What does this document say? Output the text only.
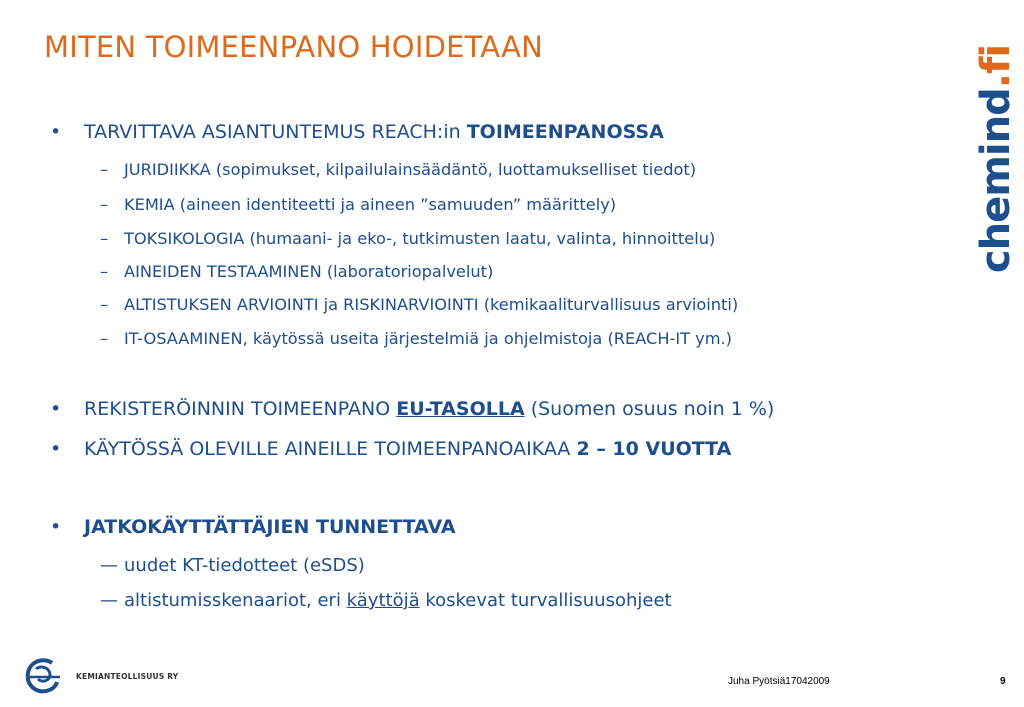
MITEN TOIMEENPANO HOIDETAAN
chemind.fi
•	TARVITTAVA ASIANTUNTEMUS REACH:in TOIMEENPANOSSA
– JURIDIIKKA (sopimukset, kilpailulainsäädäntö, luottamukselliset tiedot)
– KEMIA (aineen identiteetti ja aineen ”samuuden” määrittely)
– TOKSIKOLOGIA (humaani- ja eko-, tutkimusten laatu, valinta, hinnoittelu)
– AINEIDEN TESTAAMINEN (laboratoriopalvelut)
– ALTISTUKSEN ARVIOINTI ja RISKINARVIOINTI (kemikaaliturvallisuus arviointi)
– IT-OSAAMINEN, käytössä useita järjestelmiä ja ohjelmistoja (REACH-IT ym.)
•	REKISTERÖINNIN TOIMEENPANO EU-TASOLLA (Suomen osuus noin 1 %)
•	KÄYTÖSSÄ OLEVILLE AINEILLE TOIMEENPANOAIKAA 2 – 10 VUOTTA
•	JATKOKÄYTTÄTTÄJIEN TUNNETTAVA
— uudet KT-tiedotteet (eSDS)
— altistumisskenaariot, eri käyttöjä koskevat turvallisuusohjeet
KEMIANTEOLLISUUS RY	Juha Pyötsiä17042009	9
